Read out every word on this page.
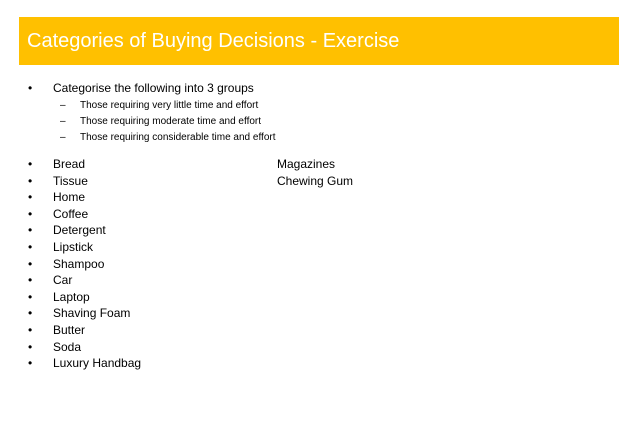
Categories of Buying Decisions - Exercise
•	Categorise the following into 3 groups
– Those requiring very little time and effort
– Those requiring moderate time and effort
– Those requiring considerable time and effort
•	Bread	Magazines
•	Tissue	Chewing Gum
•	Home
•	Coffee
•	Detergent
•	Lipstick
•	Shampoo
•	Car
•	Laptop
•	Shaving Foam
•	Butter
•	Soda
•	Luxury Handbag
